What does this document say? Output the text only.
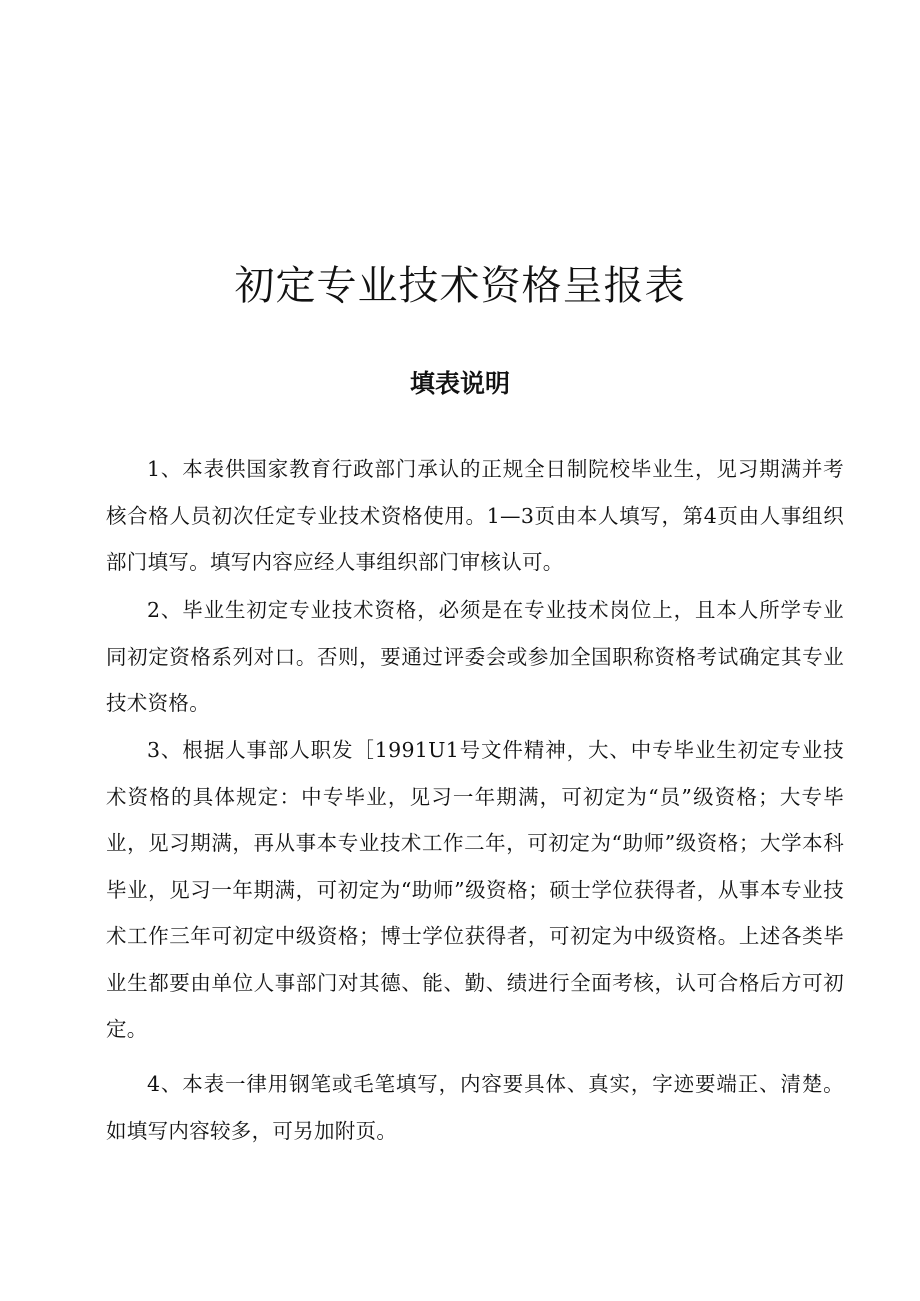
初定专业技术资格呈报表
填表说明

1、本表供国家教育行政部门承认的正规全日制院校毕业生，见习期满并考核合格人员初次任定专业技术资格使用。1—3页由本人填写，第4页由人事组织部门填写。填写内容应经人事组织部门审核认可。

2、毕业生初定专业技术资格，必须是在专业技术岗位上，且本人所学专业同初定资格系列对口。否则，要通过评委会或参加全国职称资格考试确定其专业技术资格。

3、根据人事部人职发［1991U1号文件精神，大、中专毕业生初定专业技术资格的具体规定：中专毕业，见习一年期满，可初定为“员”级资格；大专毕业，见习期满，再从事本专业技术工作二年，可初定为“助师”级资格；大学本科毕业，见习一年期满，可初定为“助师”级资格；硕士学位获得者，从事本专业技术工作三年可初定中级资格；博士学位获得者，可初定为中级资格。上述各类毕业生都要由单位人事部门对其德、能、勤、绩进行全面考核，认可合格后方可初定。

4、本表一律用钢笔或毛笔填写，内容要具体、真实，字迹要端正、清楚。如填写内容较多，可另加附页。
